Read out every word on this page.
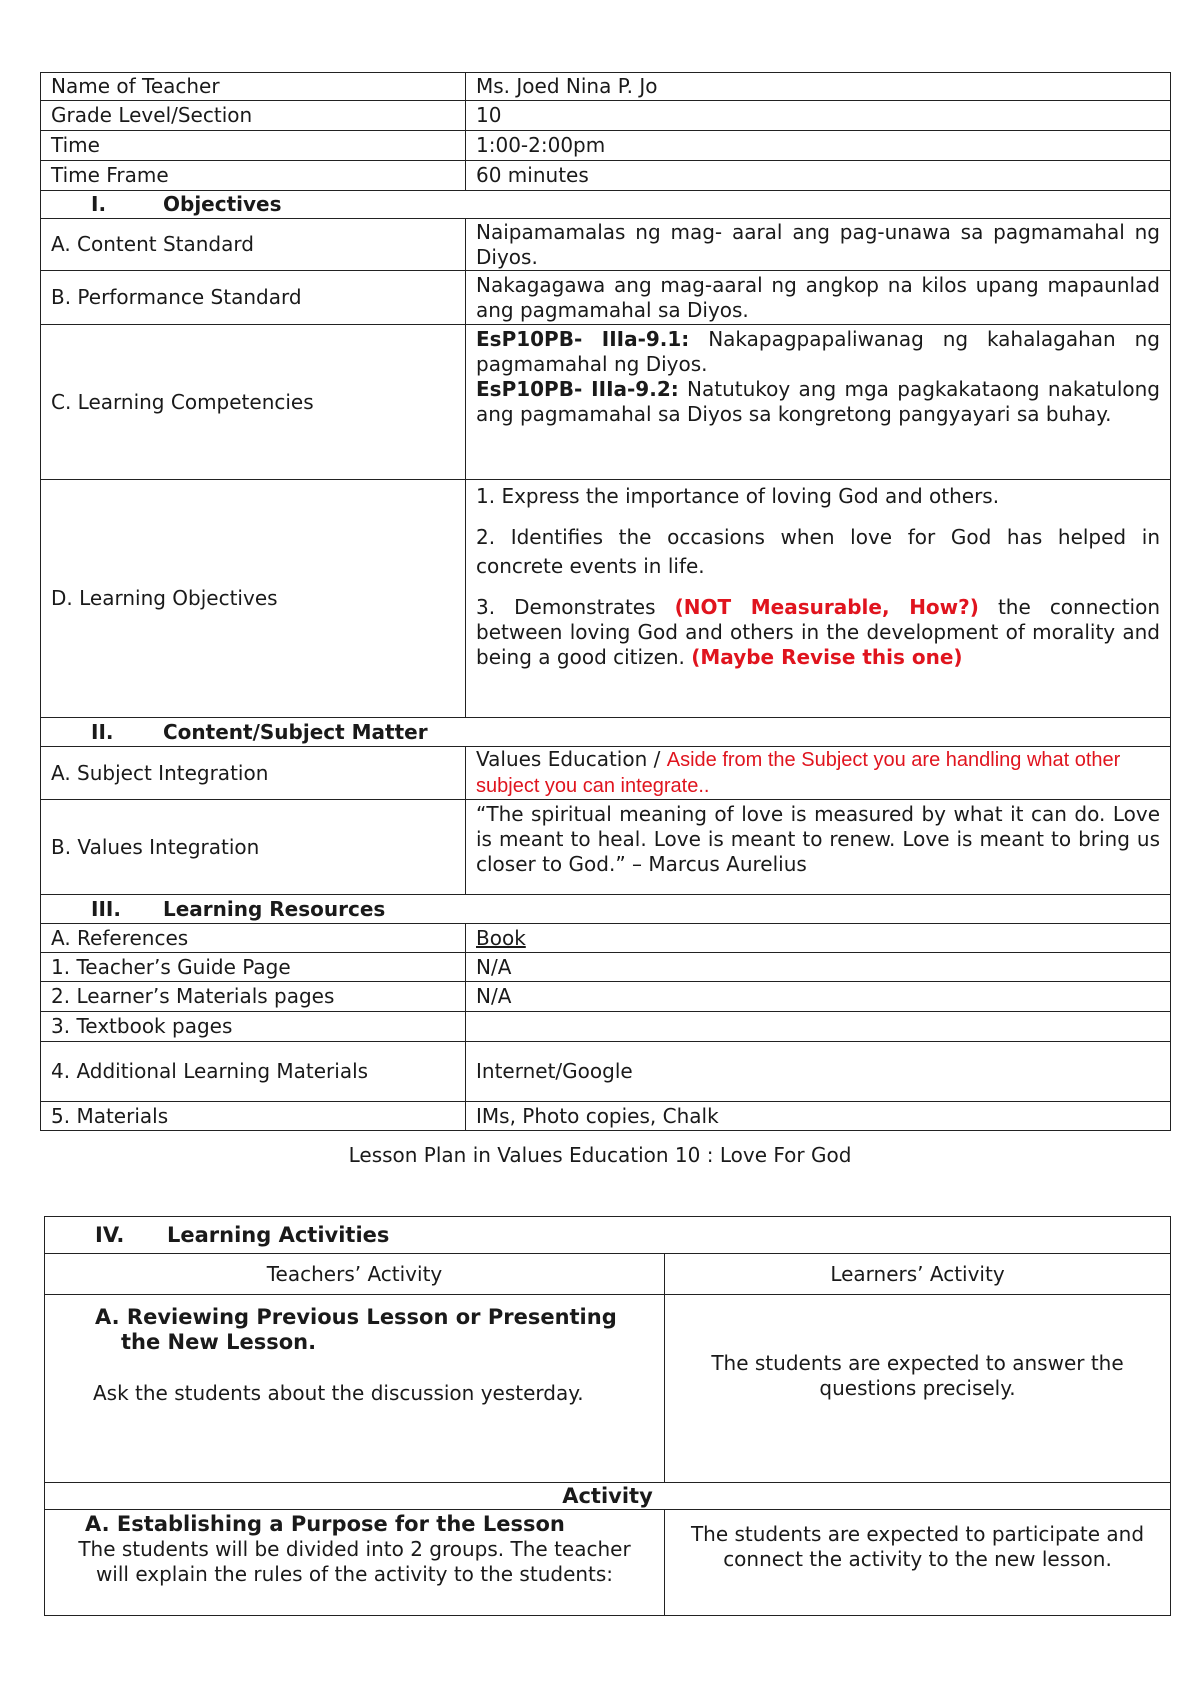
Name of Teacher	Ms. Joed Nina P. Jo
Grade Level/Section	10
Time	1:00-2:00pm
Time Frame	60 minutes
I. Objectives	
A. Content Standard	Naipamamalas ng mag- aaral ang pag-unawa sa pagmamahal ng Diyos.
B. Performance Standard	Nakagagawa ang mag-aaral ng angkop na kilos upang mapaunlad ang pagmamahal sa Diyos.
C. Learning Competencies	EsP10PB- IIIa-9.1: Nakapagpapaliwanag ng kahalagahan ng pagmamahal ng Diyos.
EsP10PB- IIIa-9.2: Natutukoy ang mga pagkakataong nakatulong ang pagmamahal sa Diyos sa kongretong pangyayari sa buhay.

D. Learning Objectives	1. Express the importance of loving God and others.

2. Identifies the occasions when love for God has helped in concrete events in life.

3. Demonstrates (NOT Measurable, How?) the connection between loving God and others in the development of morality and being a good citizen. (Maybe Revise this one)

II. Content/Subject Matter	
A. Subject Integration	Values Education / Aside from the Subject you are handling what other subject you can integrate..
B. Values Integration	“The spiritual meaning of love is measured by what it can do. Love is meant to heal. Love is meant to renew. Love is meant to bring us closer to God.” – Marcus Aurelius
III. Learning Resources	
A. References	Book
1. Teacher’s Guide Page	N/A
2. Learner’s Materials pages	N/A
3. Textbook pages	
4. Additional Learning Materials	Internet/Google
5. Materials	IMs, Photo copies, Chalk
Lesson Plan in Values Education 10 : Love For God
IV. Learning Activities	
Teachers’ Activity	Learners’ Activity

A. Reviewing Previous Lesson or Presenting the New Lesson.

Ask the students about the discussion yesterday.	The students are expected to answer the questions precisely.
Activity	

A. Establishing a Purpose for the Lesson
The students will be divided into 2 groups. The teacher will explain the rules of the activity to the students:	The students are expected to participate and connect the activity to the new lesson.
